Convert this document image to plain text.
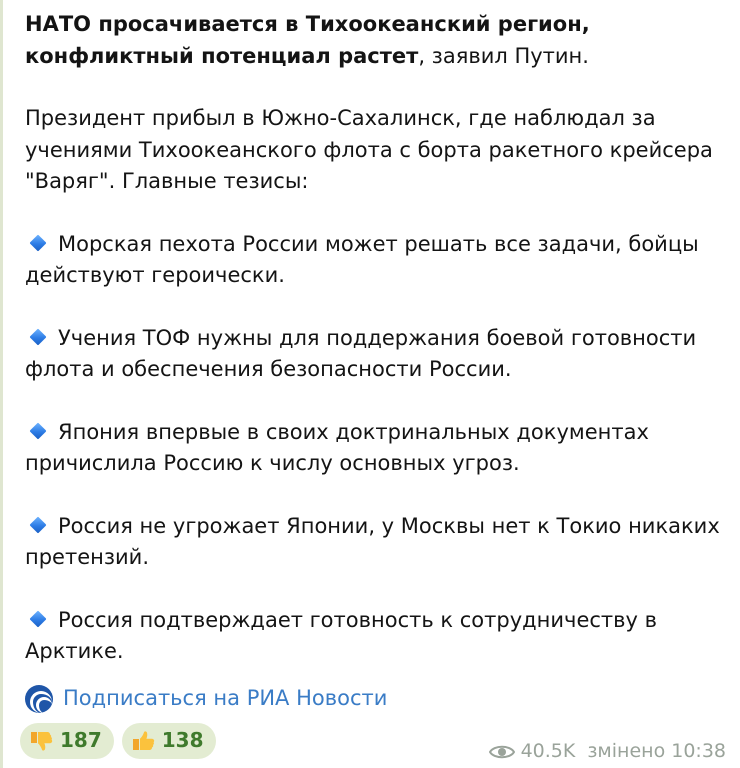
НАТО просачивается в Тихоокеанский регион, конфликтный потенциал растет, заявил Путин.

Президент прибыл в Южно-Сахалинск, где наблюдал за учениями Тихоокеанского флота с борта ракетного крейсера "Варяг". Главные тезисы:

Морская пехота России может решать все задачи, бойцы действуют героически.

Учения ТОФ нужны для поддержания боевой готовности флота и обеспечения безопасности России.

Япония впервые в своих доктринальных документах причислила Россию к числу основных угроз.

Россия не угрожает Японии, у Москвы нет к Токио никаких претензий.

Россия подтверждает готовность к сотрудничеству в Арктике.

Подписаться на РИА Новости
187	138	40.5K змінено 10:38
